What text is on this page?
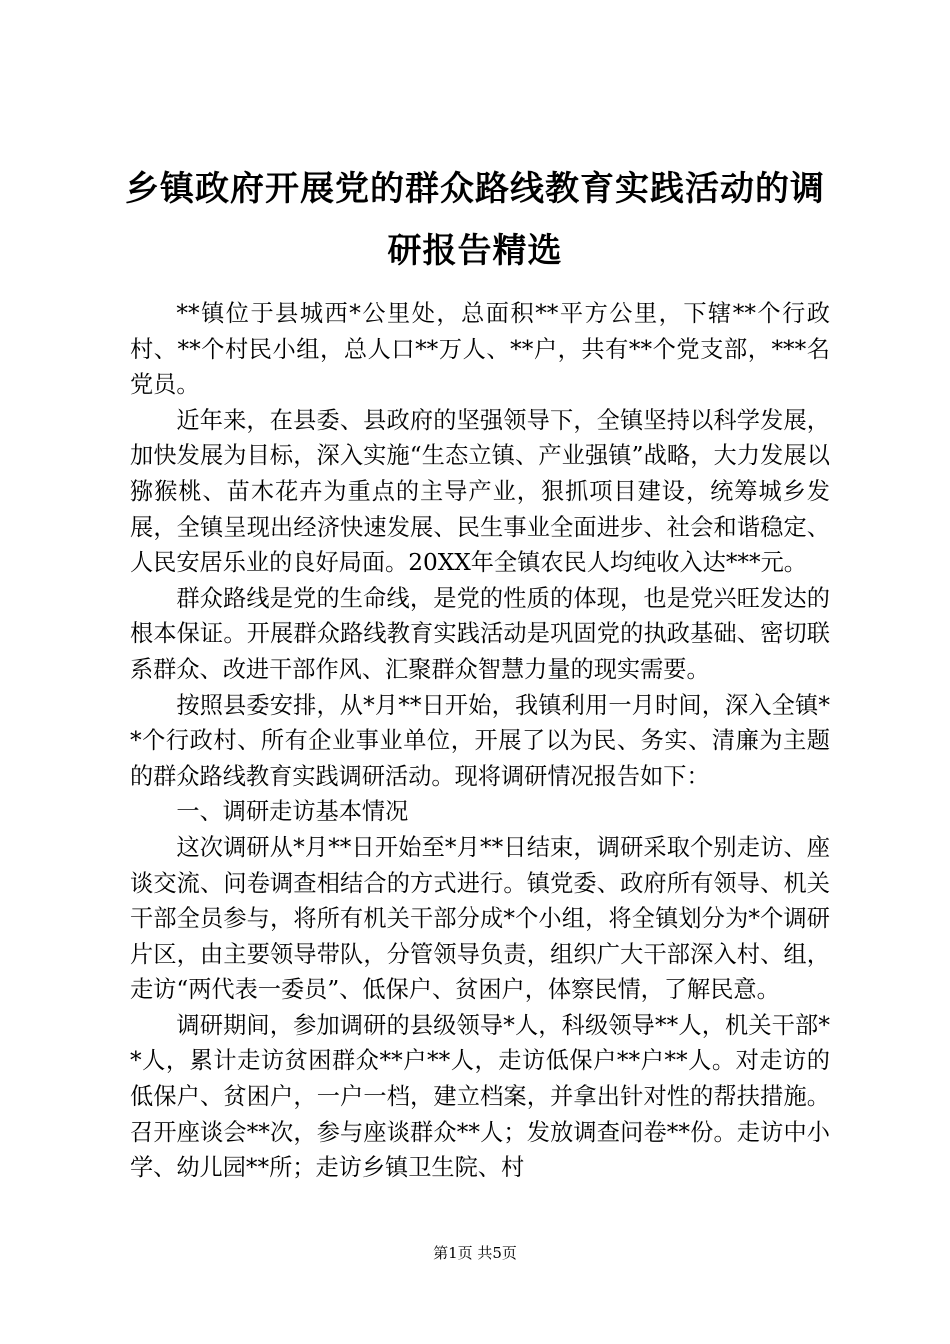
乡镇政府开展党的群众路线教育实践活动的调研报告精选

**镇位于县城西*公里处，总面积**平方公里，下辖**个行政村、**个村民小组，总人口**万人、**户，共有**个党支部，***名党员。

近年来，在县委、县政府的坚强领导下，全镇坚持以科学发展，加快发展为目标，深入实施“生态立镇、产业强镇”战略，大力发展以猕猴桃、苗木花卉为重点的主导产业，狠抓项目建设，统筹城乡发展，全镇呈现出经济快速发展、民生事业全面进步、社会和谐稳定、人民安居乐业的良好局面。20XX年全镇农民人均纯收入达***元。

群众路线是党的生命线，是党的性质的体现，也是党兴旺发达的根本保证。开展群众路线教育实践活动是巩固党的执政基础、密切联系群众、改进干部作风、汇聚群众智慧力量的现实需要。

按照县委安排，从*月**日开始，我镇利用一月时间，深入全镇**个行政村、所有企业事业单位，开展了以为民、务实、清廉为主题的群众路线教育实践调研活动。现将调研情况报告如下：

一、调研走访基本情况

这次调研从*月**日开始至*月**日结束，调研采取个别走访、座谈交流、问卷调查相结合的方式进行。镇党委、政府所有领导、机关干部全员参与，将所有机关干部分成*个小组，将全镇划分为*个调研片区，由主要领导带队，分管领导负责，组织广大干部深入村、组，走访“两代表一委员”、低保户、贫困户，体察民情，了解民意。

调研期间，参加调研的县级领导*人，科级领导**人，机关干部**人，累计走访贫困群众**户**人，走访低保户**户**人。对走访的低保户、贫困户，一户一档，建立档案，并拿出针对性的帮扶措施。召开座谈会**次，参与座谈群众**人；发放调查问卷**份。走访中小学、幼儿园**所；走访乡镇卫生院、村

第1页 共5页
